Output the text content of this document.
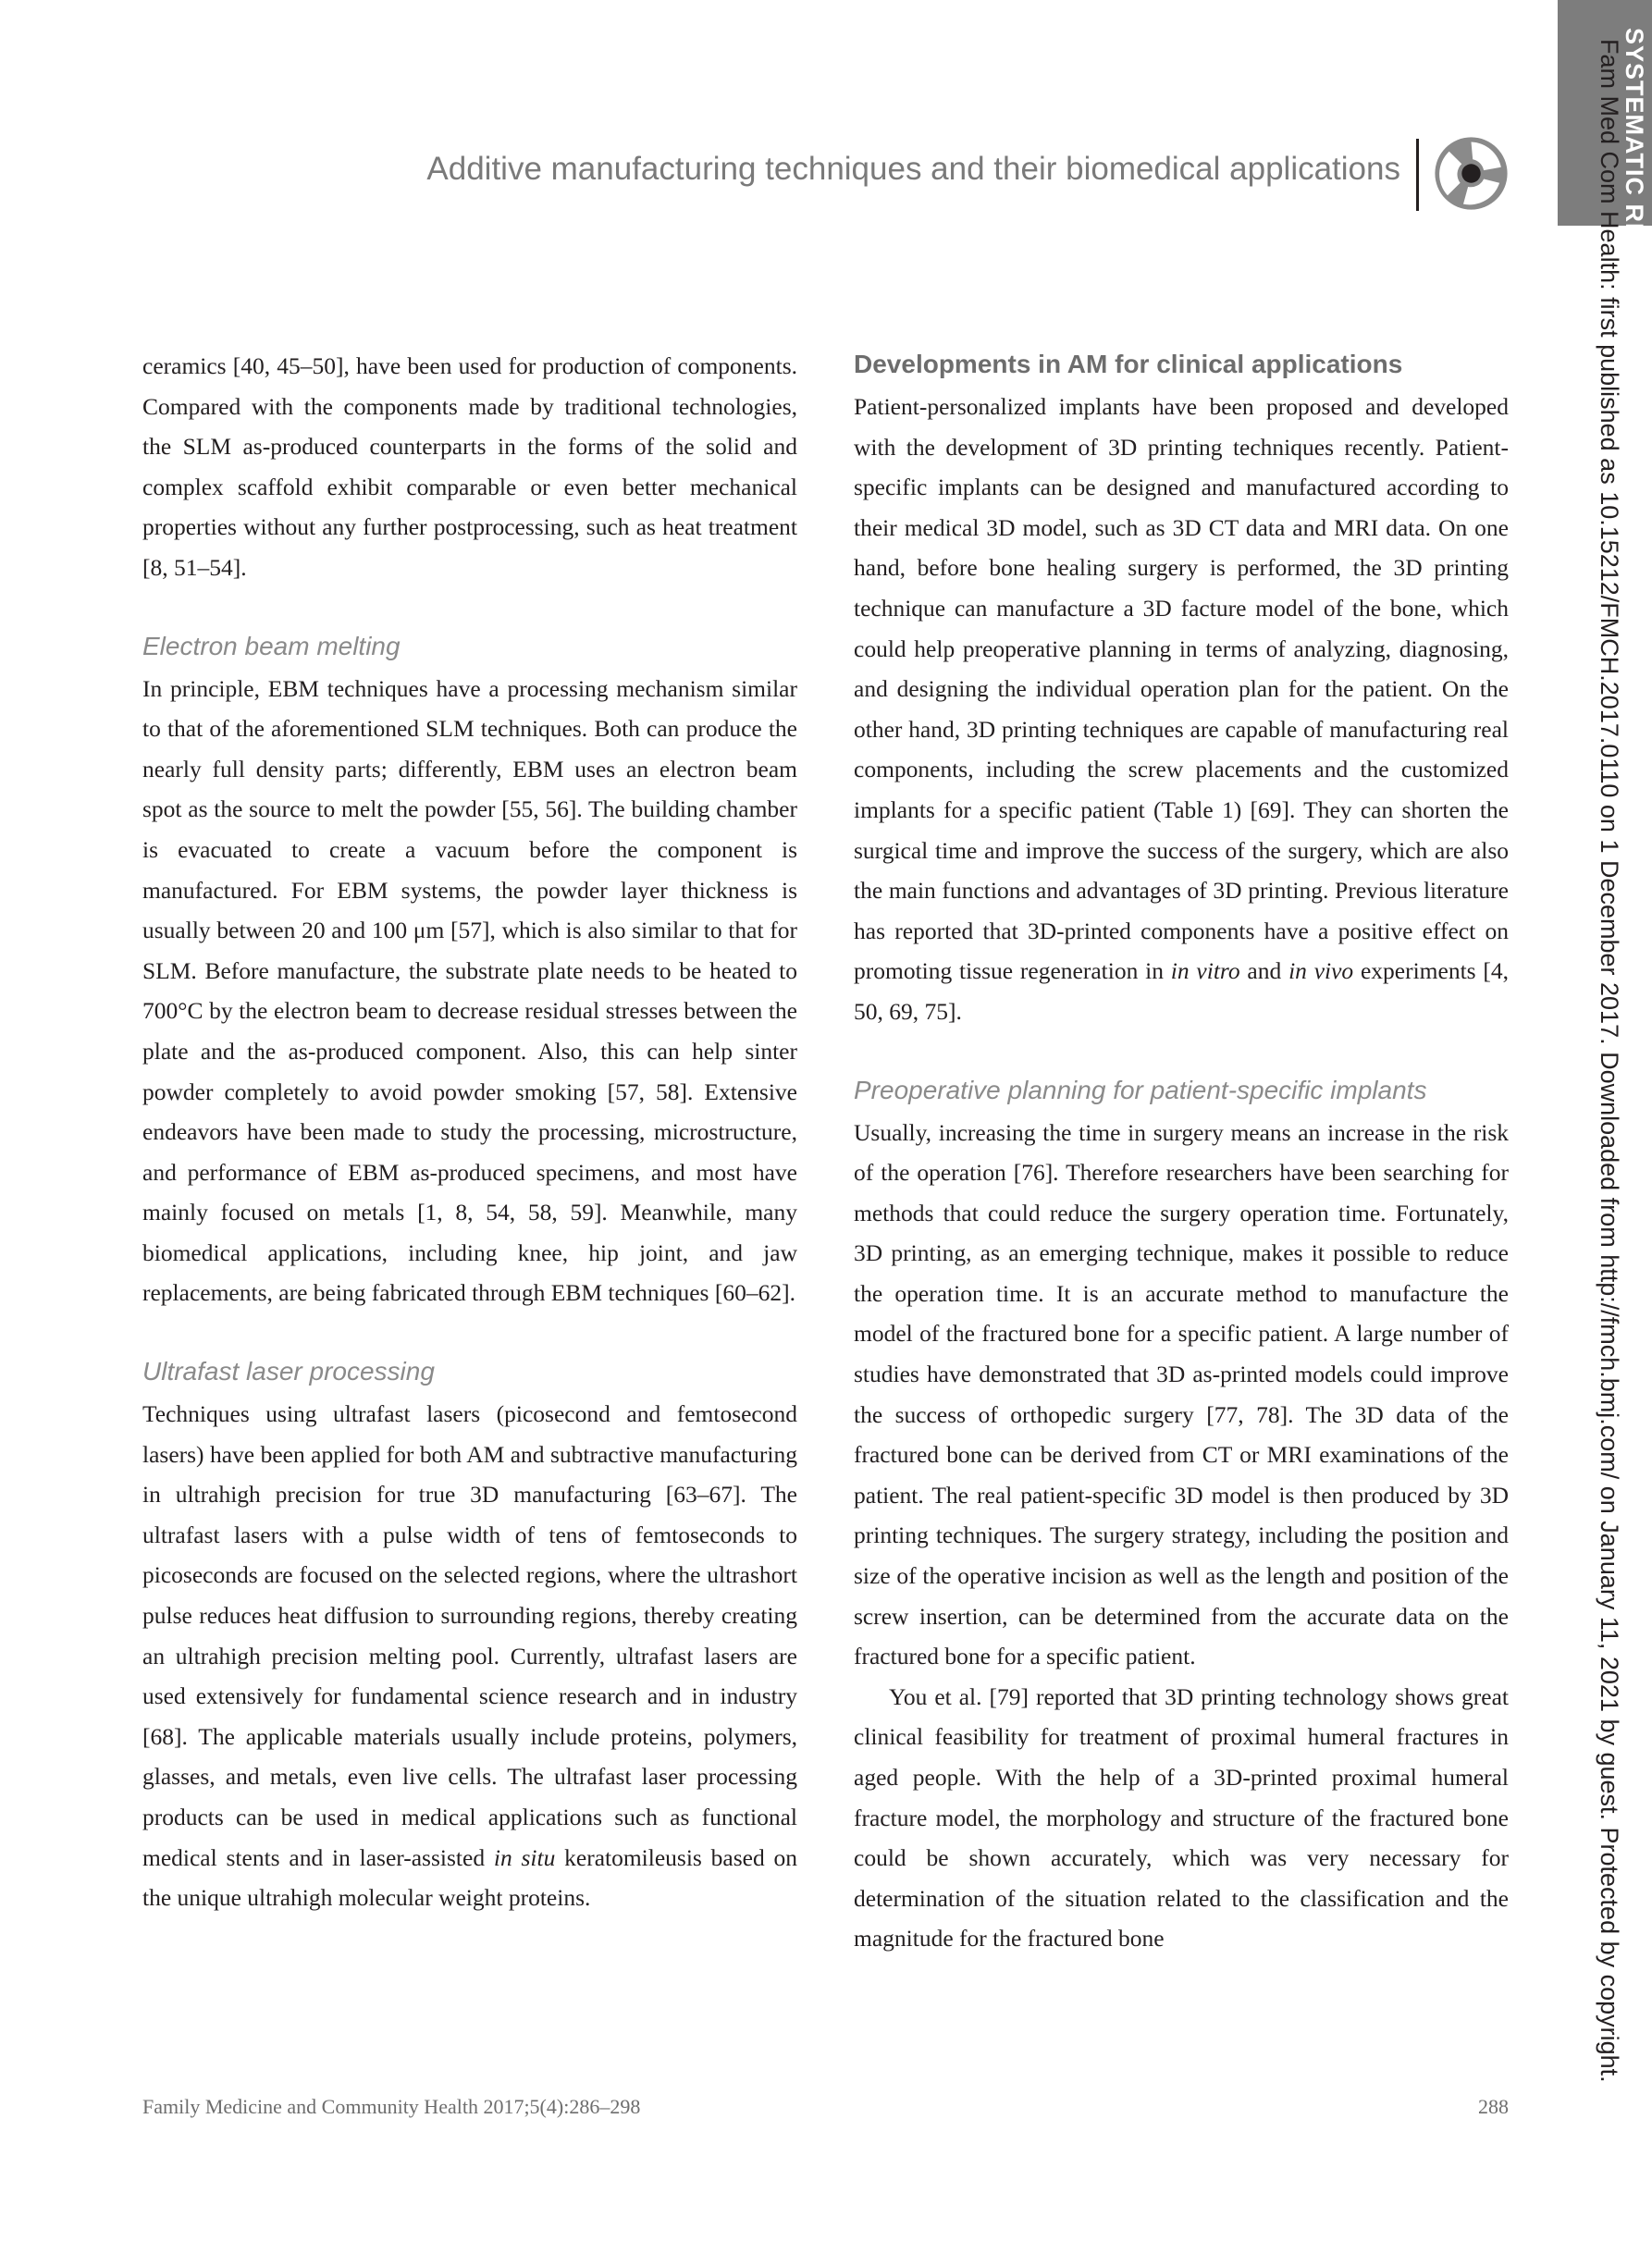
Additive manufacturing techniques and their biomedical applications	SYSTEMATIC REVIEW
Fam Med Com Health: first published as 10.15212/FMCH.2017.0110 on 1 December 2017. Downloaded from http://fmch.bmj.com/ on January 11, 2021 by guest. Protected by copyright.

ceramics [40, 45–50], have been used for production of components. Compared with the components made by traditional technologies, the SLM as-produced counterparts in the forms of the solid and complex scaffold exhibit comparable or even better mechanical properties without any further postprocessing, such as heat treatment [8, 51–54].

Electron beam melting

In principle, EBM techniques have a processing mechanism similar to that of the aforementioned SLM techniques. Both can produce the nearly full density parts; differently, EBM uses an electron beam spot as the source to melt the powder [55, 56]. The building chamber is evacuated to create a vacuum before the component is manufactured. For EBM systems, the powder layer thickness is usually between 20 and 100 μm [57], which is also similar to that for SLM. Before manufacture, the substrate plate needs to be heated to 700°C by the electron beam to decrease residual stresses between the plate and the as-produced component. Also, this can help sinter powder completely to avoid powder smoking [57, 58]. Extensive endeavors have been made to study the processing, microstructure, and performance of EBM as-produced specimens, and most have mainly focused on metals [1, 8, 54, 58, 59]. Meanwhile, many biomedical applications, including knee, hip joint, and jaw replacements, are being fabricated through EBM techniques [60–62].

Ultrafast laser processing

Techniques using ultrafast lasers (picosecond and femtosecond lasers) have been applied for both AM and subtractive manufacturing in ultrahigh precision for true 3D manufacturing [63–67]. The ultrafast lasers with a pulse width of tens of femtoseconds to picoseconds are focused on the selected regions, where the ultrashort pulse reduces heat diffusion to surrounding regions, thereby creating an ultrahigh precision melting pool. Currently, ultrafast lasers are used extensively for fundamental science research and in industry [68]. The applicable materials usually include proteins, polymers, glasses, and metals, even live cells. The ultrafast laser processing products can be used in medical applications such as functional medical stents and in laser-assisted in situ keratomileusis based on the unique ultrahigh molecular weight proteins.

Developments in AM for clinical applications

Patient-personalized implants have been proposed and developed with the development of 3D printing techniques recently. Patient-specific implants can be designed and manufactured according to their medical 3D model, such as 3D CT data and MRI data. On one hand, before bone healing surgery is performed, the 3D printing technique can manufacture a 3D facture model of the bone, which could help preoperative planning in terms of analyzing, diagnosing, and designing the individual operation plan for the patient. On the other hand, 3D printing techniques are capable of manufacturing real components, including the screw placements and the customized implants for a specific patient (Table 1) [69]. They can shorten the surgical time and improve the success of the surgery, which are also the main functions and advantages of 3D printing. Previous literature has reported that 3D-printed components have a positive effect on promoting tissue regeneration in in vitro and in vivo experiments [4, 50, 69, 75].

Preoperative planning for patient-specific implants

Usually, increasing the time in surgery means an increase in the risk of the operation [76]. Therefore researchers have been searching for methods that could reduce the surgery operation time. Fortunately, 3D printing, as an emerging technique, makes it possible to reduce the operation time. It is an accurate method to manufacture the model of the fractured bone for a specific patient. A large number of studies have demonstrated that 3D as-printed models could improve the success of orthopedic surgery [77, 78]. The 3D data of the fractured bone can be derived from CT or MRI examinations of the patient. The real patient-specific 3D model is then produced by 3D printing techniques. The surgery strategy, including the position and size of the operative incision as well as the length and position of the screw insertion, can be determined from the accurate data on the fractured bone for a specific patient.

You et al. [79] reported that 3D printing technology shows great clinical feasibility for treatment of proximal humeral fractures in aged people. With the help of a 3D-printed proximal humeral fracture model, the morphology and structure of the fractured bone could be shown accurately, which was very necessary for determination of the situation related to the classification and the magnitude for the fractured bone

Family Medicine and Community Health 2017;5(4):286–298	288
